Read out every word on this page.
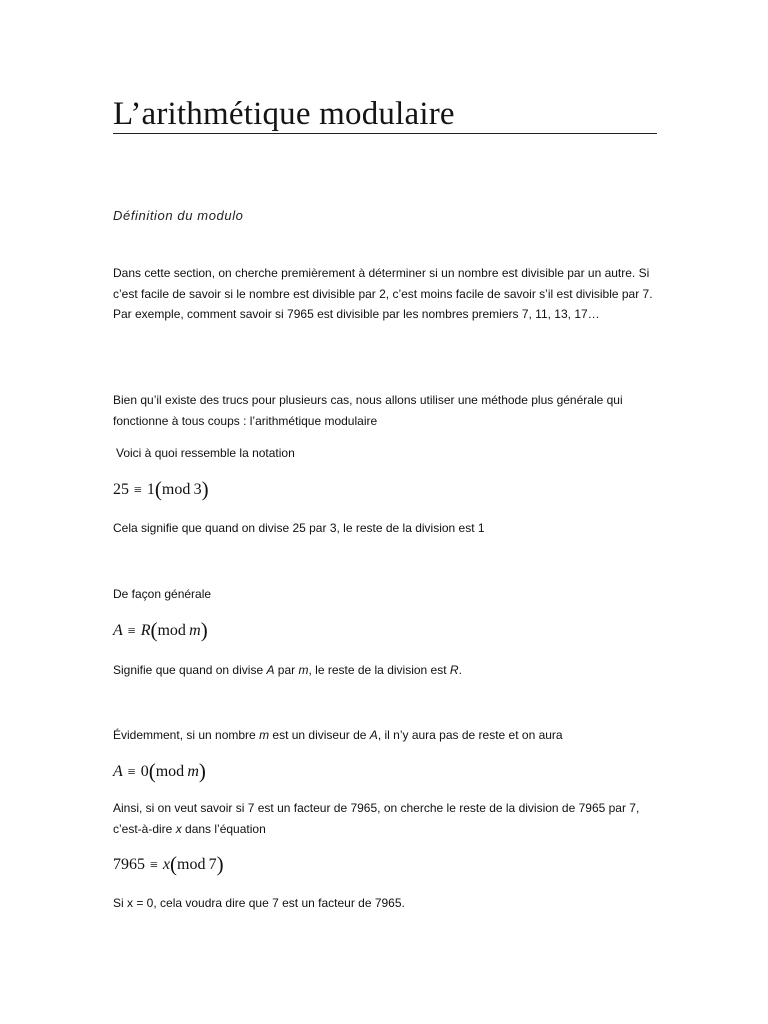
L’arithmétique modulaire
Définition du modulo

Dans cette section, on cherche premièrement à déterminer si un nombre est divisible par un autre. Si c’est facile de savoir si le nombre est divisible par 2, c’est moins facile de savoir s’il est divisible par 7. Par exemple, comment savoir si 7965 est divisible par les nombres premiers 7, 11, 13, 17…

Bien qu’il existe des trucs pour plusieurs cas, nous allons utiliser une méthode plus générale qui fonctionne à tous coups : l’arithmétique modulaire

Voici à quoi ressemble la notation

25 ≡ 1(mod  3)

Cela signifie que quand on divise 25 par 3, le reste de la division est 1

De façon générale

A ≡ R(mod  m)

Signifie que quand on divise A par m, le reste de la division est R.

Évidemment, si un nombre m est un diviseur de A, il n’y aura pas de reste et on aura

A ≡ 0(mod  m)

Ainsi, si on veut savoir si 7 est un facteur de 7965, on cherche le reste de la division de 7965 par 7, c’est-à-dire x dans l’équation

7965 ≡ x(mod  7)

Si x = 0, cela voudra dire que 7 est un facteur de 7965.
